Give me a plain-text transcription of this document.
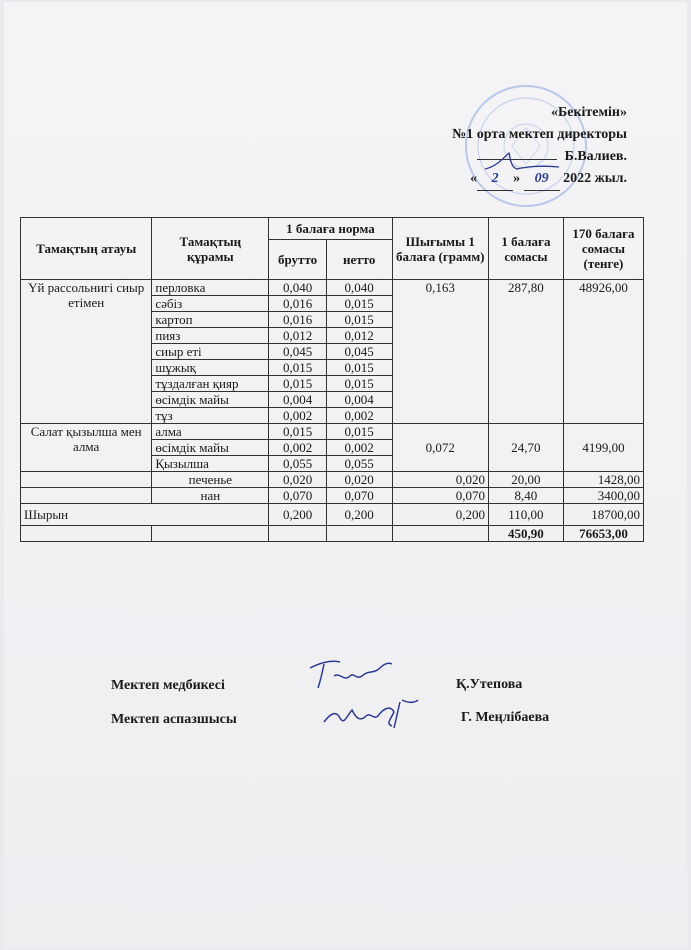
«Бекітемін»
№1 орта мектеп директоры
Б.Валиев.
« 2 » 09 2022 жыл.
Тамақтың атауы	Тамақтың құрамы	1 балаға норма		Шығымы 1 балаға (грамм)	1 балаға сомасы	170 балаға сомасы (тенге)
		брутто	нетто			
Үй рассольнигі сиыр етімен	перловка	0,040	0,040	0,163	287,80	48926,00
	сәбіз	0,016	0,015			
	картоп	0,016	0,015			
	пияз	0,012	0,012			
	сиыр еті	0,045	0,045			
	шұжық	0,015	0,015			
	тұздалған қияр	0,015	0,015			
	өсімдік майы	0,004	0,004			
	тұз	0,002	0,002			
Салат қызылша мен алма	алма	0,015	0,015	0,072	24,70	4199,00
	өсімдік майы	0,002	0,002			
	Қызылша	0,055	0,055			
	печенье	0,020	0,020	0,020	20,00	1428,00
	нан	0,070	0,070	0,070	8,40	3400,00
Шырын		0,200	0,200	0,200	110,00	18700,00
					450,90	76653,00
Мектеп медбикесі	Қ.Утепова
Мектеп аспазшысы	Г. Меңлібаева
